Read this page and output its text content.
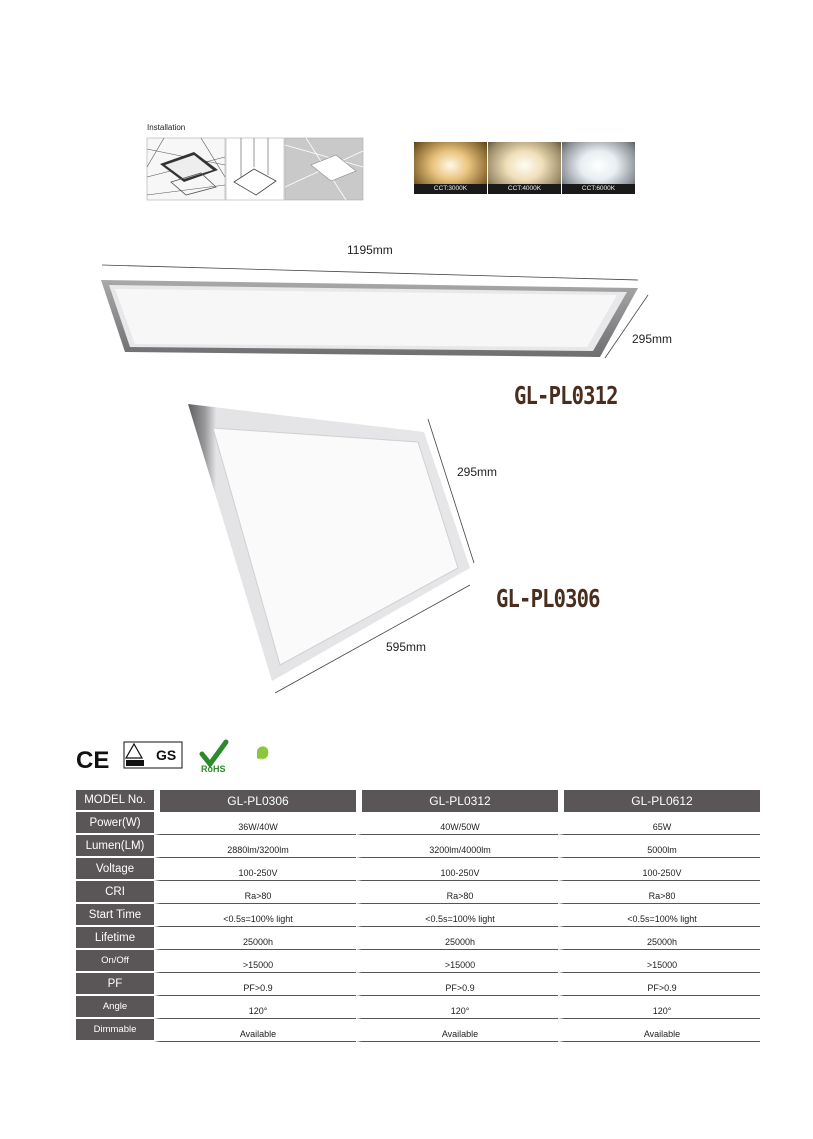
Installation
CCT:3000K	CCT:4000K	CCT:6000K
1195mm
295mm
GL-PL0312
295mm
595mm
GL-PL0306
CE	GS
RoHS
CO2
MODEL No.	GL-PL0306	GL-PL0312	GL-PL0612
Power(W)	36W/40W	40W/50W	65W
Lumen(LM)	2880lm/3200lm	3200lm/4000lm	5000lm
Voltage	100-250V	100-250V	100-250V
CRI	Ra>80	Ra>80	Ra>80
Start Time	<0.5s=100% light	<0.5s=100% light	<0.5s=100% light
Lifetime	25000h	25000h	25000h
On/Off	>15000	>15000	>15000
PF	PF>0.9	PF>0.9	PF>0.9
Angle	120°	120°	120°
Dimmable	Available	Available	Available
